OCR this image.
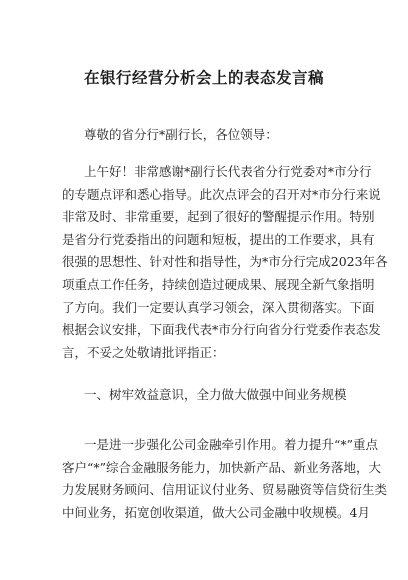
在银行经营分析会上的表态发言稿

尊敬的省分行*副行长，各位领导：

上午好！非常感谢*副行长代表省分行党委对*市分行
的专题点评和悉心指导。此次点评会的召开对*市分行来说
非常及时、非常重要，起到了很好的警醒提示作用。特别
是省分行党委指出的问题和短板，提出的工作要求，具有
很强的思想性、针对性和指导性，为*市分行完成2023年各
项重点工作任务，持续创造过硬成果、展现全新气象指明
了方向。我们一定要认真学习领会，深入贯彻落实。下面
根据会议安排，下面我代表*市分行向省分行党委作表态发
言，不妥之处敬请批评指正：

一、树牢效益意识，全力做大做强中间业务规模

一是进一步强化公司金融牵引作用。着力提升“*”重点
客户“*”综合金融服务能力，加快新产品、新业务落地，大
力发展财务顾问、信用证议付业务、贸易融资等信贷衍生类
中间业务，拓宽创收渠道，做大公司金融中收规模。4月
